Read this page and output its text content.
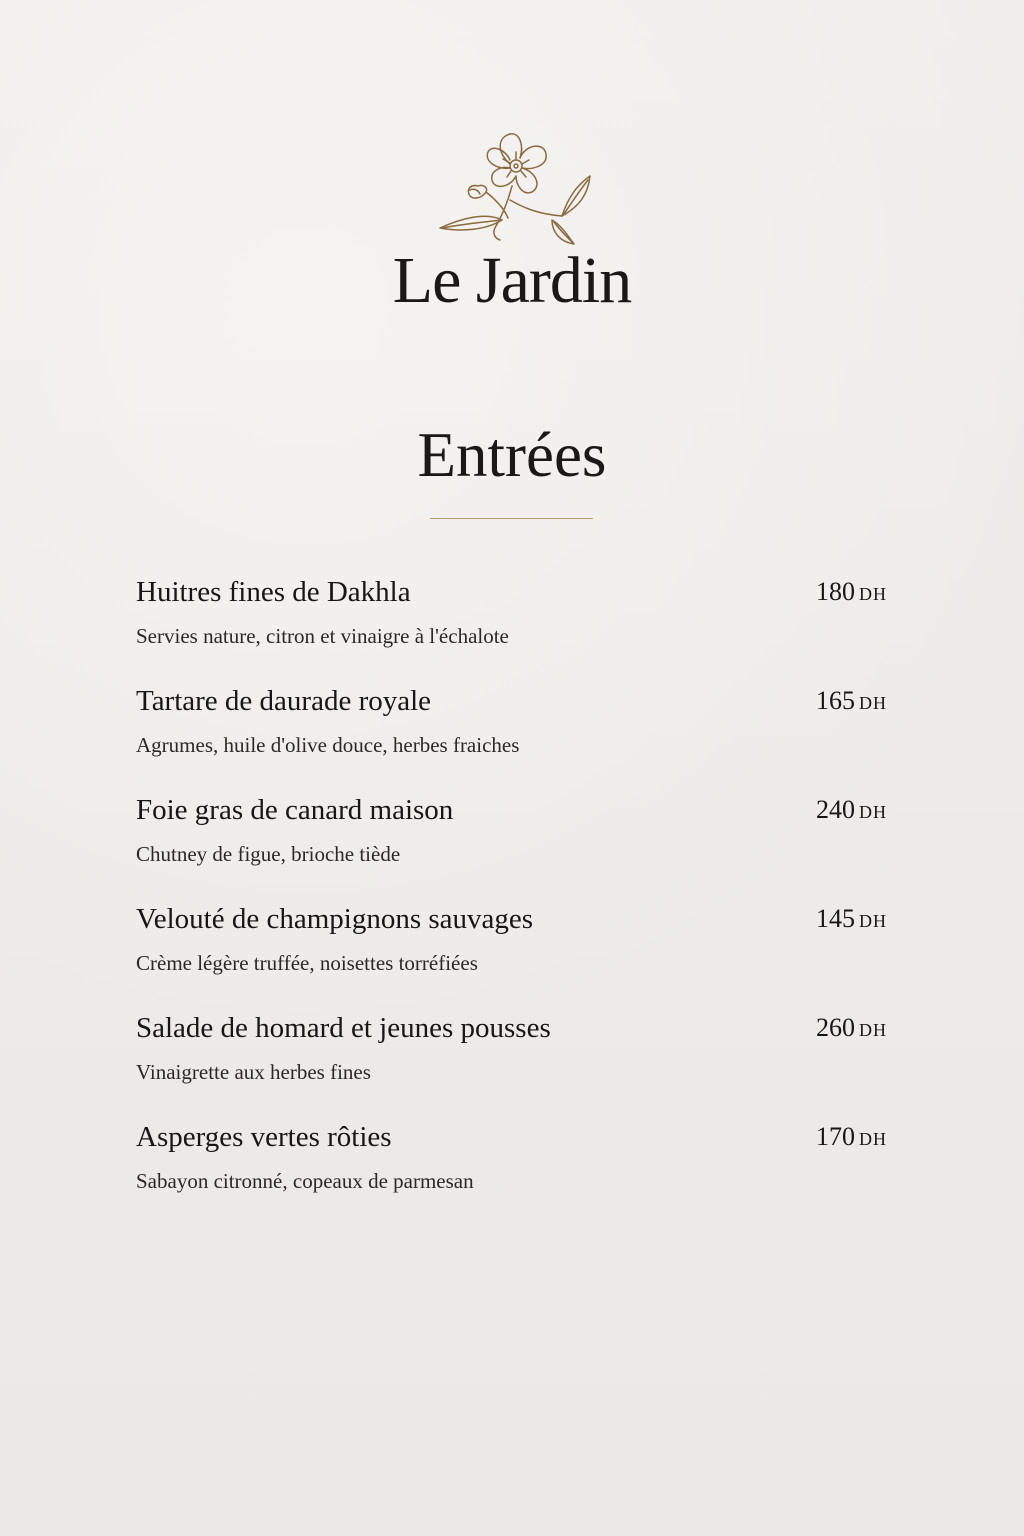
Le Jardin
Entrées
Huitres fines de Dakhla	180 DH
Servies nature, citron et vinaigre à l'échalote
Tartare de daurade royale	165 DH
Agrumes, huile d'olive douce, herbes fraiches
Foie gras de canard maison	240 DH
Chutney de figue, brioche tiède
Velouté de champignons sauvages	145 DH
Crème légère truffée, noisettes torréfiées
Salade de homard et jeunes pousses	260 DH
Vinaigrette aux herbes fines
Asperges vertes rôties	170 DH
Sabayon citronné, copeaux de parmesan
